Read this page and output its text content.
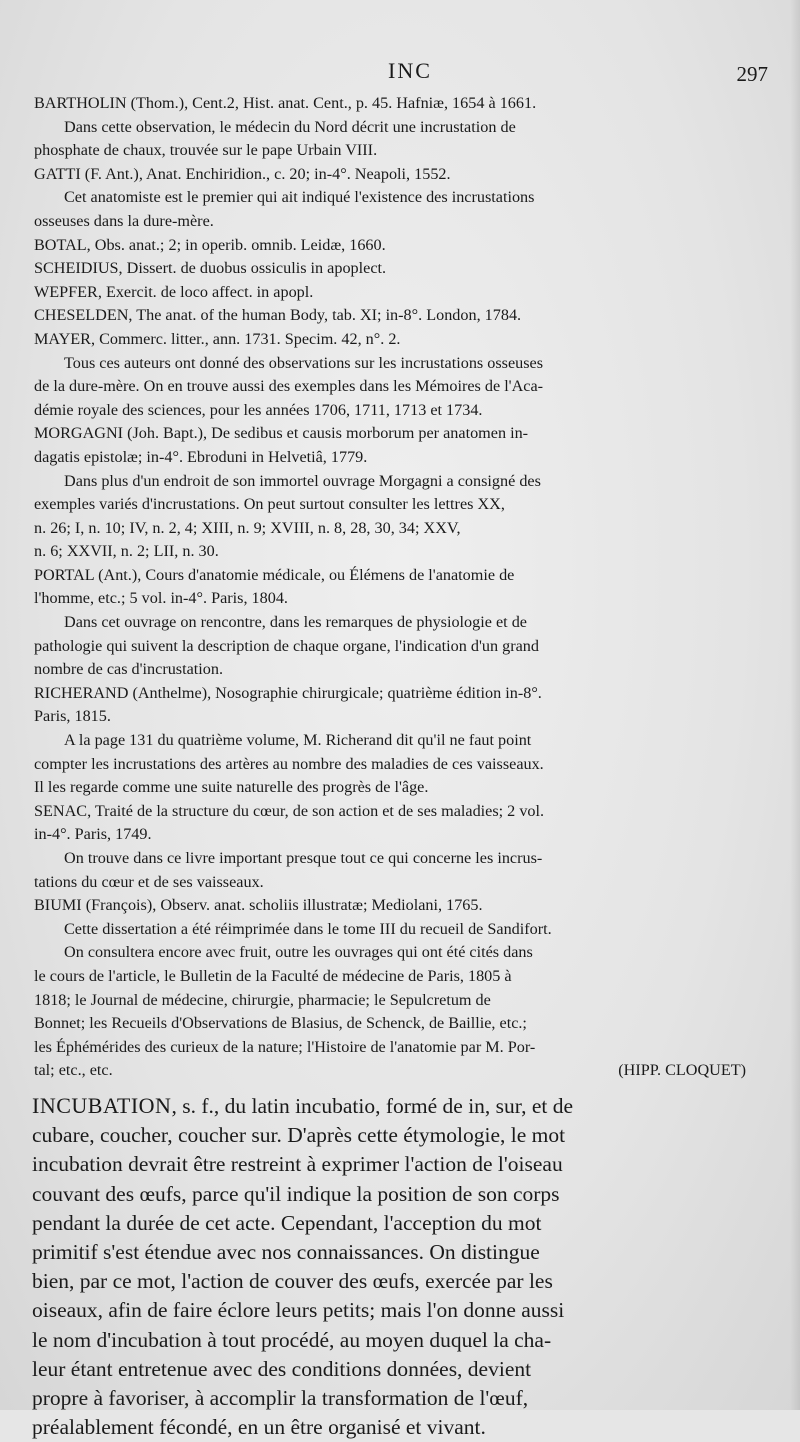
INC	297
BARTHOLIN (Thom.), Cent.2, Hist. anat. Cent., p. 45. Hafniæ, 1654 à 1661.
Dans cette observation, le médecin du Nord décrit une incrustation de
phosphate de chaux, trouvée sur le pape Urbain VIII.
GATTI (F. Ant.), Anat. Enchiridion., c. 20; in-4°. Neapoli, 1552.
Cet anatomiste est le premier qui ait indiqué l'existence des incrustations
osseuses dans la dure-mère.
BOTAL, Obs. anat.; 2; in operib. omnib. Leidæ, 1660.
SCHEIDIUS, Dissert. de duobus ossiculis in apoplect.
WEPFER, Exercit. de loco affect. in apopl.
CHESELDEN, The anat. of the human Body, tab. XI; in-8°. London, 1784.
MAYER, Commerc. litter., ann. 1731. Specim. 42, n°. 2.
Tous ces auteurs ont donné des observations sur les incrustations osseuses
de la dure-mère. On en trouve aussi des exemples dans les Mémoires de l'Aca-
démie royale des sciences, pour les années 1706, 1711, 1713 et 1734.
MORGAGNI (Joh. Bapt.), De sedibus et causis morborum per anatomen in-
dagatis epistolæ; in-4°. Ebroduni in Helvetiâ, 1779.
Dans plus d'un endroit de son immortel ouvrage Morgagni a consigné des
exemples variés d'incrustations. On peut surtout consulter les lettres XX,
n. 26; I, n. 10; IV, n. 2, 4; XIII, n. 9; XVIII, n. 8, 28, 30, 34; XXV,
n. 6; XXVII, n. 2; LII, n. 30.
PORTAL (Ant.), Cours d'anatomie médicale, ou Élémens de l'anatomie de
l'homme, etc.; 5 vol. in-4°. Paris, 1804.
Dans cet ouvrage on rencontre, dans les remarques de physiologie et de
pathologie qui suivent la description de chaque organe, l'indication d'un grand
nombre de cas d'incrustation.
RICHERAND (Anthelme), Nosographie chirurgicale; quatrième édition in-8°.
Paris, 1815.
A la page 131 du quatrième volume, M. Richerand dit qu'il ne faut point
compter les incrustations des artères au nombre des maladies de ces vaisseaux.
Il les regarde comme une suite naturelle des progrès de l'âge.
SENAC, Traité de la structure du cœur, de son action et de ses maladies; 2 vol.
in-4°. Paris, 1749.
On trouve dans ce livre important presque tout ce qui concerne les incrus-
tations du cœur et de ses vaisseaux.
BIUMI (François), Observ. anat. scholiis illustratæ; Mediolani, 1765.
Cette dissertation a été réimprimée dans le tome III du recueil de Sandifort.
On consultera encore avec fruit, outre les ouvrages qui ont été cités dans
le cours de l'article, le Bulletin de la Faculté de médecine de Paris, 1805 à
1818; le Journal de médecine, chirurgie, pharmacie; le Sepulcretum de
Bonnet; les Recueils d'Observations de Blasius, de Schenck, de Baillie, etc.;
les Éphémérides des curieux de la nature; l'Histoire de l'anatomie par M. Por-
tal; etc., etc.	(HIPP. CLOQUET)
INCUBATION, s. f., du latin incubatio, formé de in, sur, et de
cubare, coucher, coucher sur. D'après cette étymologie, le mot
incubation devrait être restreint à exprimer l'action de l'oiseau
couvant des œufs, parce qu'il indique la position de son corps
pendant la durée de cet acte. Cependant, l'acception du mot
primitif s'est étendue avec nos connaissances. On distingue
bien, par ce mot, l'action de couver des œufs, exercée par les
oiseaux, afin de faire éclore leurs petits; mais l'on donne aussi
le nom d'incubation à tout procédé, au moyen duquel la cha-
leur étant entretenue avec des conditions données, devient
propre à favoriser, à accomplir la transformation de l'œuf,
préalablement fécondé, en un être organisé et vivant.
